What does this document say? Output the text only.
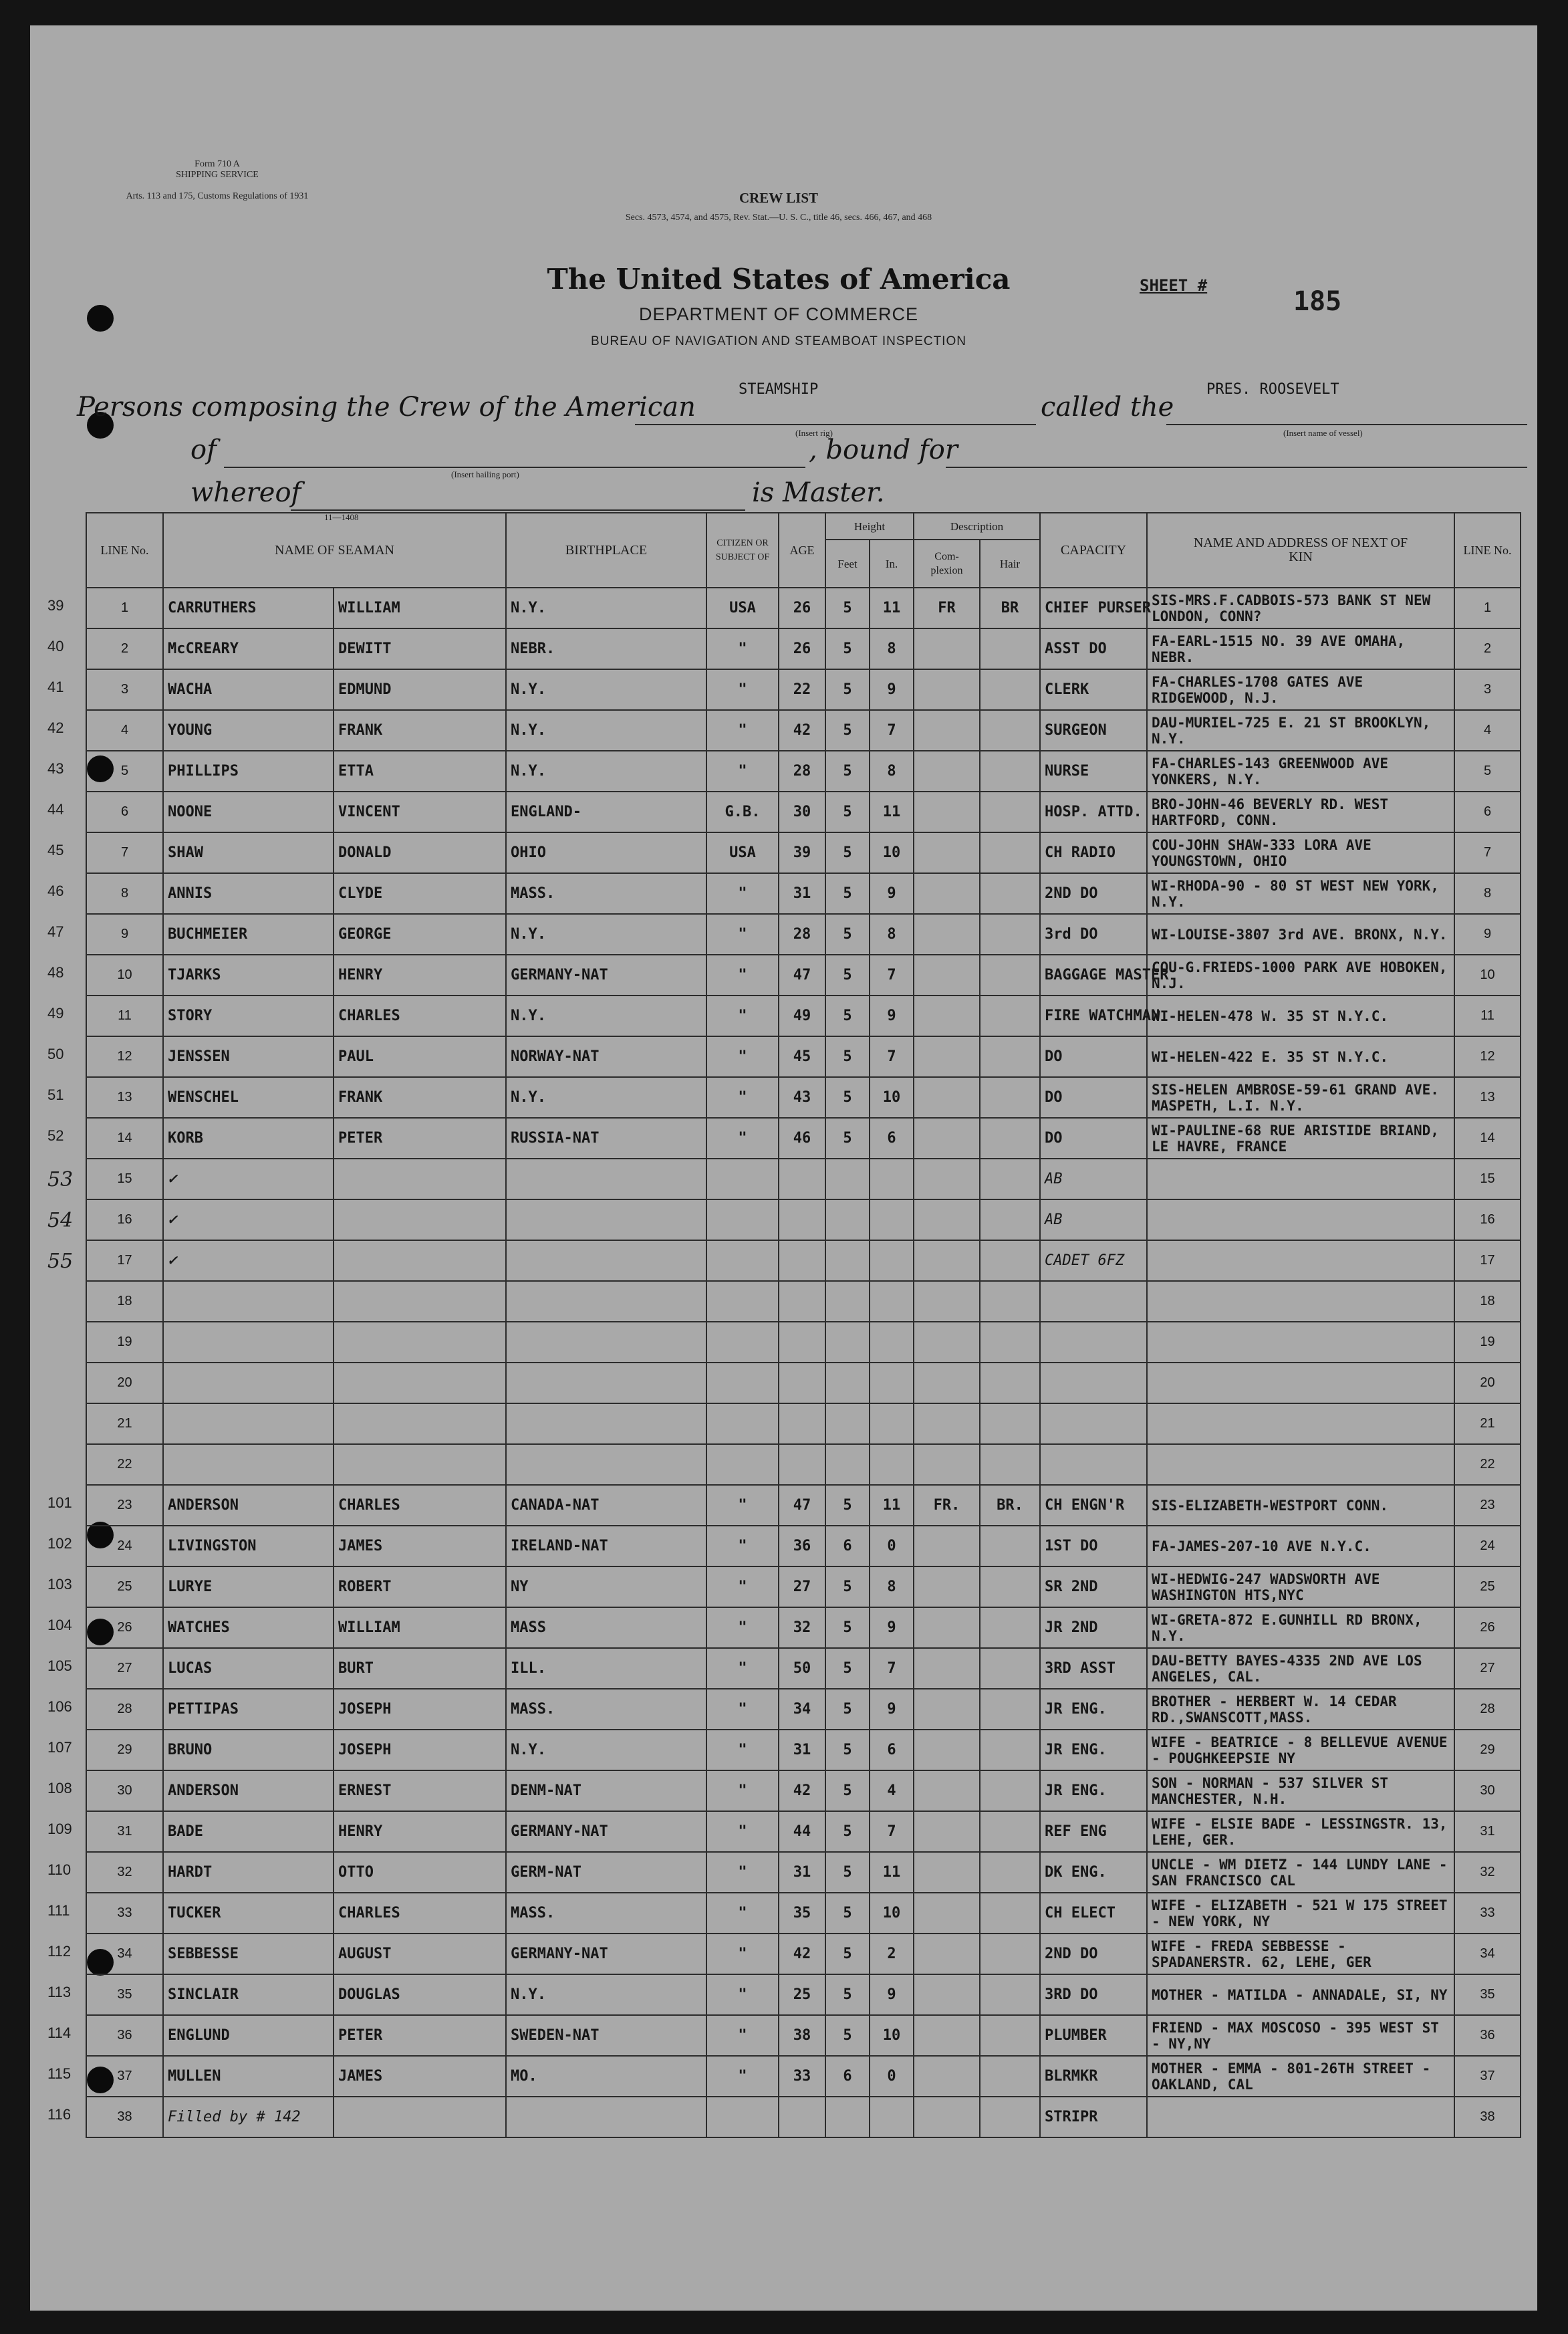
Form 710 A
SHIPPING SERVICE
Arts. 113 and 175, Customs Regulations of 1931	CREW LIST
Secs. 4573, 4574, and 4575, Rev. Stat.—U. S. C., title 46, secs. 466, 467, and 468
The United States of America
DEPARTMENT OF COMMERCE
BUREAU OF NAVIGATION AND STEAMBOAT INSPECTION
SHEET #
185
Persons composing the Crew of the American
STEAMSHIP
(Insert rig)
called the
PRES. ROOSEVELT
(Insert name of vessel)
of
(Insert hailing port)
, bound for
whereof
11—1408
is Master.
LINE No.	NAME OF SEAMAN		BIRTHPLACE	CITIZEN OR SUBJECT OF	AGE	Height		Description		CAPACITY	NAME AND ADDRESS OF NEXT OF KIN	LINE No.
						Feet	In.	Com- plexion	Hair			
1	CARRUTHERS	WILLIAM	N.Y.	USA	26	5	11	FR	BR	CHIEF PURSER	SIS-MRS.F.CADBOIS-573 BANK ST NEW LONDON, CONN?	1
2	McCREARY	DEWITT	NEBR.	"	26	5	8			ASST DO	FA-EARL-1515 NO. 39 AVE OMAHA, NEBR.	2
3	WACHA	EDMUND	N.Y.	"	22	5	9			CLERK	FA-CHARLES-1708 GATES AVE RIDGEWOOD, N.J.	3
4	YOUNG	FRANK	N.Y.	"	42	5	7			SURGEON	DAU-MURIEL-725 E. 21 ST BROOKLYN, N.Y.	4
5	PHILLIPS	ETTA	N.Y.	"	28	5	8			NURSE	FA-CHARLES-143 GREENWOOD AVE YONKERS, N.Y.	5
6	NOONE	VINCENT	ENGLAND-	G.B.	30	5	11			HOSP. ATTD.	BRO-JOHN-46 BEVERLY RD. WEST HARTFORD, CONN.	6
7	SHAW	DONALD	OHIO	USA	39	5	10			CH RADIO	COU-JOHN SHAW-333 LORA AVE YOUNGSTOWN, OHIO	7
8	ANNIS	CLYDE	MASS.	"	31	5	9			2ND DO	WI-RHODA-90 - 80 ST WEST NEW YORK, N.Y.	8
9	BUCHMEIER	GEORGE	N.Y.	"	28	5	8			3rd DO	WI-LOUISE-3807 3rd AVE. BRONX, N.Y.	9
10	TJARKS	HENRY	GERMANY-NAT	"	47	5	7			BAGGAGE MASTER	COU-G.FRIEDS-1000 PARK AVE HOBOKEN, N.J.	10
11	STORY	CHARLES	N.Y.	"	49	5	9			FIRE WATCHMAN	WI-HELEN-478 W. 35 ST N.Y.C.	11
12	JENSSEN	PAUL	NORWAY-NAT	"	45	5	7			DO	WI-HELEN-422 E. 35 ST N.Y.C.	12
13	WENSCHEL	FRANK	N.Y.	"	43	5	10			DO	SIS-HELEN AMBROSE-59-61 GRAND AVE. MASPETH, L.I. N.Y.	13
14	KORB	PETER	RUSSIA-NAT	"	46	5	6			DO	WI-PAULINE-68 RUE ARISTIDE BRIAND, LE HAVRE, FRANCE	14
15	✓									AB		15
16	✓									AB		16
17	✓									CADET 6FZ		17
18												18
19												19
20												20
21												21
22												22
23	ANDERSON	CHARLES	CANADA-NAT	"	47	5	11	FR.	BR.	CH ENGN'R	SIS-ELIZABETH-WESTPORT CONN.	23
24	LIVINGSTON	JAMES	IRELAND-NAT	"	36	6	0			1ST DO	FA-JAMES-207-10 AVE N.Y.C.	24
25	LURYE	ROBERT	NY	"	27	5	8			SR 2ND	WI-HEDWIG-247 WADSWORTH AVE WASHINGTON HTS,NYC	25
26	WATCHES	WILLIAM	MASS	"	32	5	9			JR 2ND	WI-GRETA-872 E.GUNHILL RD BRONX, N.Y.	26
27	LUCAS	BURT	ILL.	"	50	5	7			3RD ASST	DAU-BETTY BAYES-4335 2ND AVE LOS ANGELES, CAL.	27
28	PETTIPAS	JOSEPH	MASS.	"	34	5	9			JR ENG.	BROTHER - HERBERT W. 14 CEDAR RD.,SWANSCOTT,MASS.	28
29	BRUNO	JOSEPH	N.Y.	"	31	5	6			JR ENG.	WIFE - BEATRICE - 8 BELLEVUE AVENUE - POUGHKEEPSIE NY	29
30	ANDERSON	ERNEST	DENM-NAT	"	42	5	4			JR ENG.	SON - NORMAN - 537 SILVER ST MANCHESTER, N.H.	30
31	BADE	HENRY	GERMANY-NAT	"	44	5	7			REF ENG	WIFE - ELSIE BADE - LESSINGSTR. 13, LEHE, GER.	31
32	HARDT	OTTO	GERM-NAT	"	31	5	11			DK ENG.	UNCLE - WM DIETZ - 144 LUNDY LANE - SAN FRANCISCO CAL	32
33	TUCKER	CHARLES	MASS.	"	35	5	10			CH ELECT	WIFE - ELIZABETH - 521 W 175 STREET - NEW YORK, NY	33
34	SEBBESSE	AUGUST	GERMANY-NAT	"	42	5	2			2ND DO	WIFE - FREDA SEBBESSE - SPADANERSTR. 62, LEHE, GER	34
35	SINCLAIR	DOUGLAS	N.Y.	"	25	5	9			3RD DO	MOTHER - MATILDA - ANNADALE, SI, NY	35
36	ENGLUND	PETER	SWEDEN-NAT	"	38	5	10			PLUMBER	FRIEND - MAX MOSCOSO - 395 WEST ST - NY,NY	36
37	MULLEN	JAMES	MO.	"	33	6	0			BLRMKR	MOTHER - EMMA - 801-26TH STREET - OAKLAND, CAL	37
38	Filled by # 142									STRIPR		38
39
40
41
42
43
44
45
46
47
48
49
50
51
52
53
54
55
101
102
103
104
105
106
107
108
109
110
111
112
113
114
115
116
